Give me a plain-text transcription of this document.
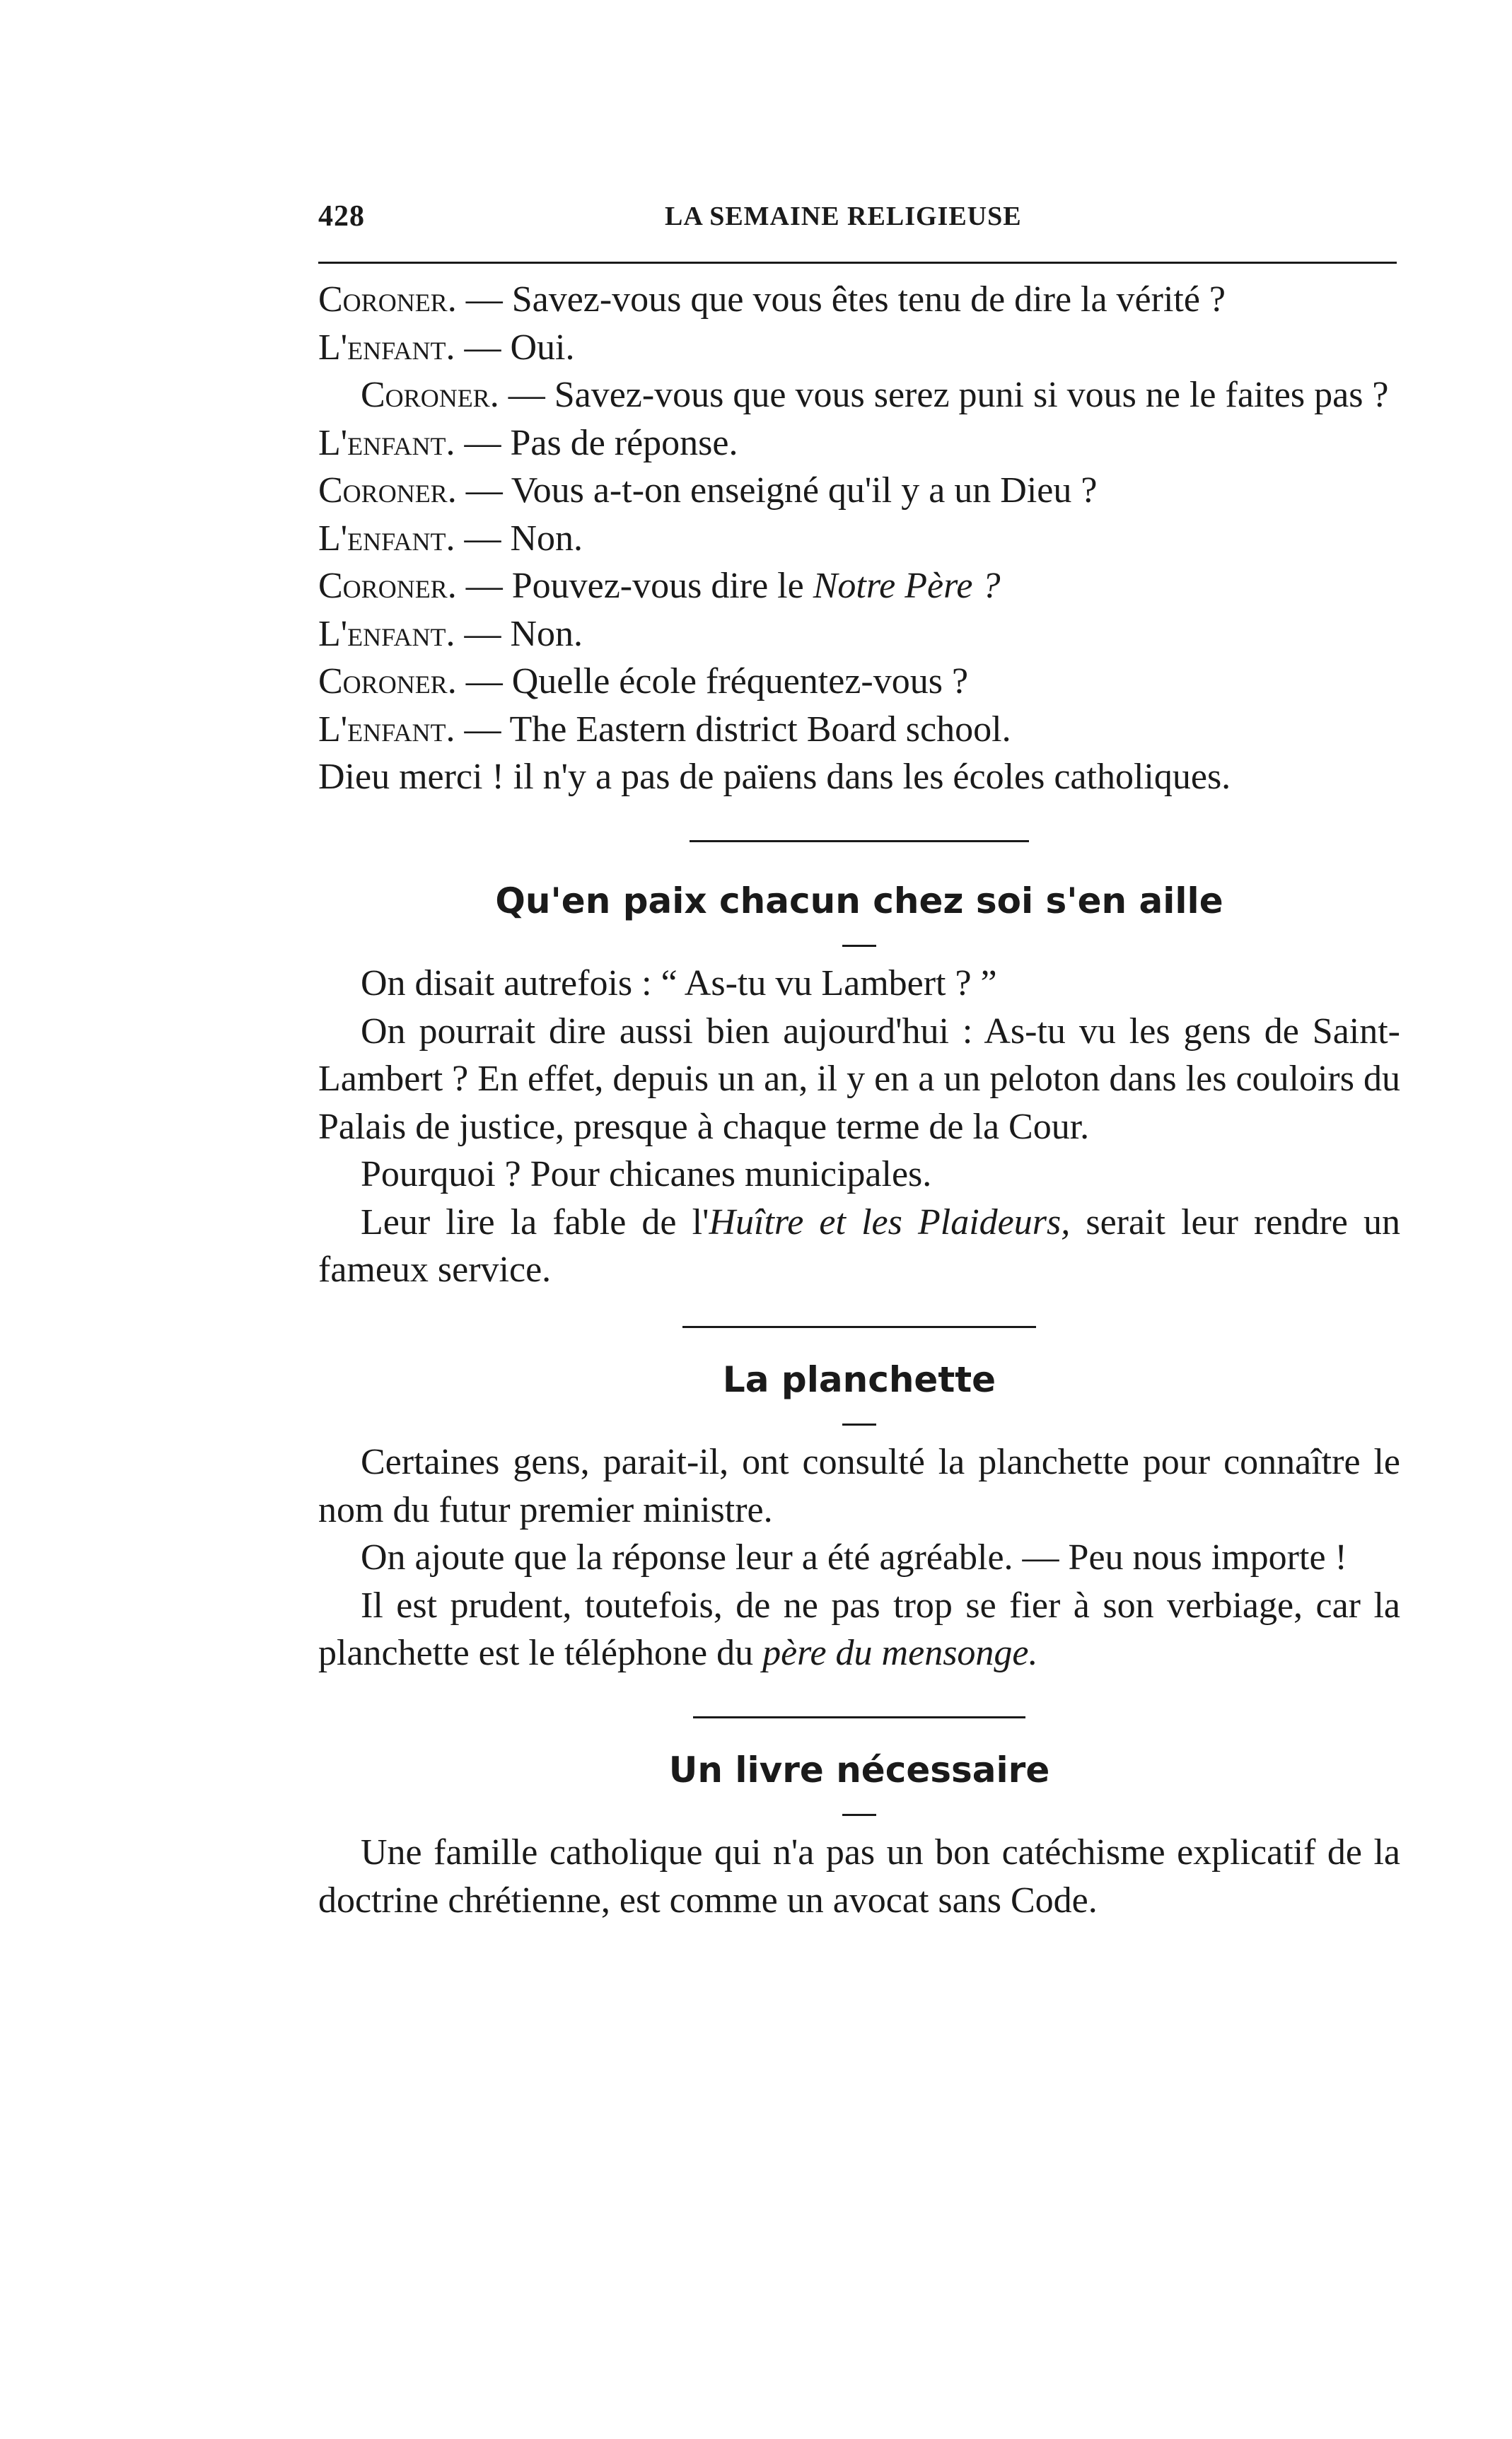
428	LA SEMAINE RELIGIEUSE

Coroner. — Savez-vous que vous êtes tenu de dire la vérité ?

L'enfant. — Oui.

Coroner. — Savez-vous que vous serez puni si vous ne le faites pas ?

L'enfant. — Pas de réponse.

Coroner. — Vous a-t-on enseigné qu'il y a un Dieu ?

L'enfant. — Non.

Coroner. — Pouvez-vous dire le Notre Père ?

L'enfant. — Non.

Coroner. — Quelle école fréquentez-vous ?

L'enfant. — The Eastern district Board school.

Dieu merci ! il n'y a pas de païens dans les écoles catholiques.

Qu'en paix chacun chez soi s'en aille

On disait autrefois : “ As-tu vu Lambert ? ”

On pourrait dire aussi bien aujourd'hui : As-tu vu les gens de Saint-Lambert ? En effet, depuis un an, il y en a un peloton dans les couloirs du Palais de justice, presque à chaque terme de la Cour.

Pourquoi ? Pour chicanes municipales.

Leur lire la fable de l'Huître et les Plaideurs, serait leur rendre un fameux service.

La planchette

Certaines gens, parait-il, ont consulté la planchette pour connaître le nom du futur premier ministre.

On ajoute que la réponse leur a été agréable. — Peu nous importe !

Il est prudent, toutefois, de ne pas trop se fier à son verbiage, car la planchette est le téléphone du père du mensonge.

Un livre nécessaire

Une famille catholique qui n'a pas un bon catéchisme explicatif de la doctrine chrétienne, est comme un avocat sans Code.
